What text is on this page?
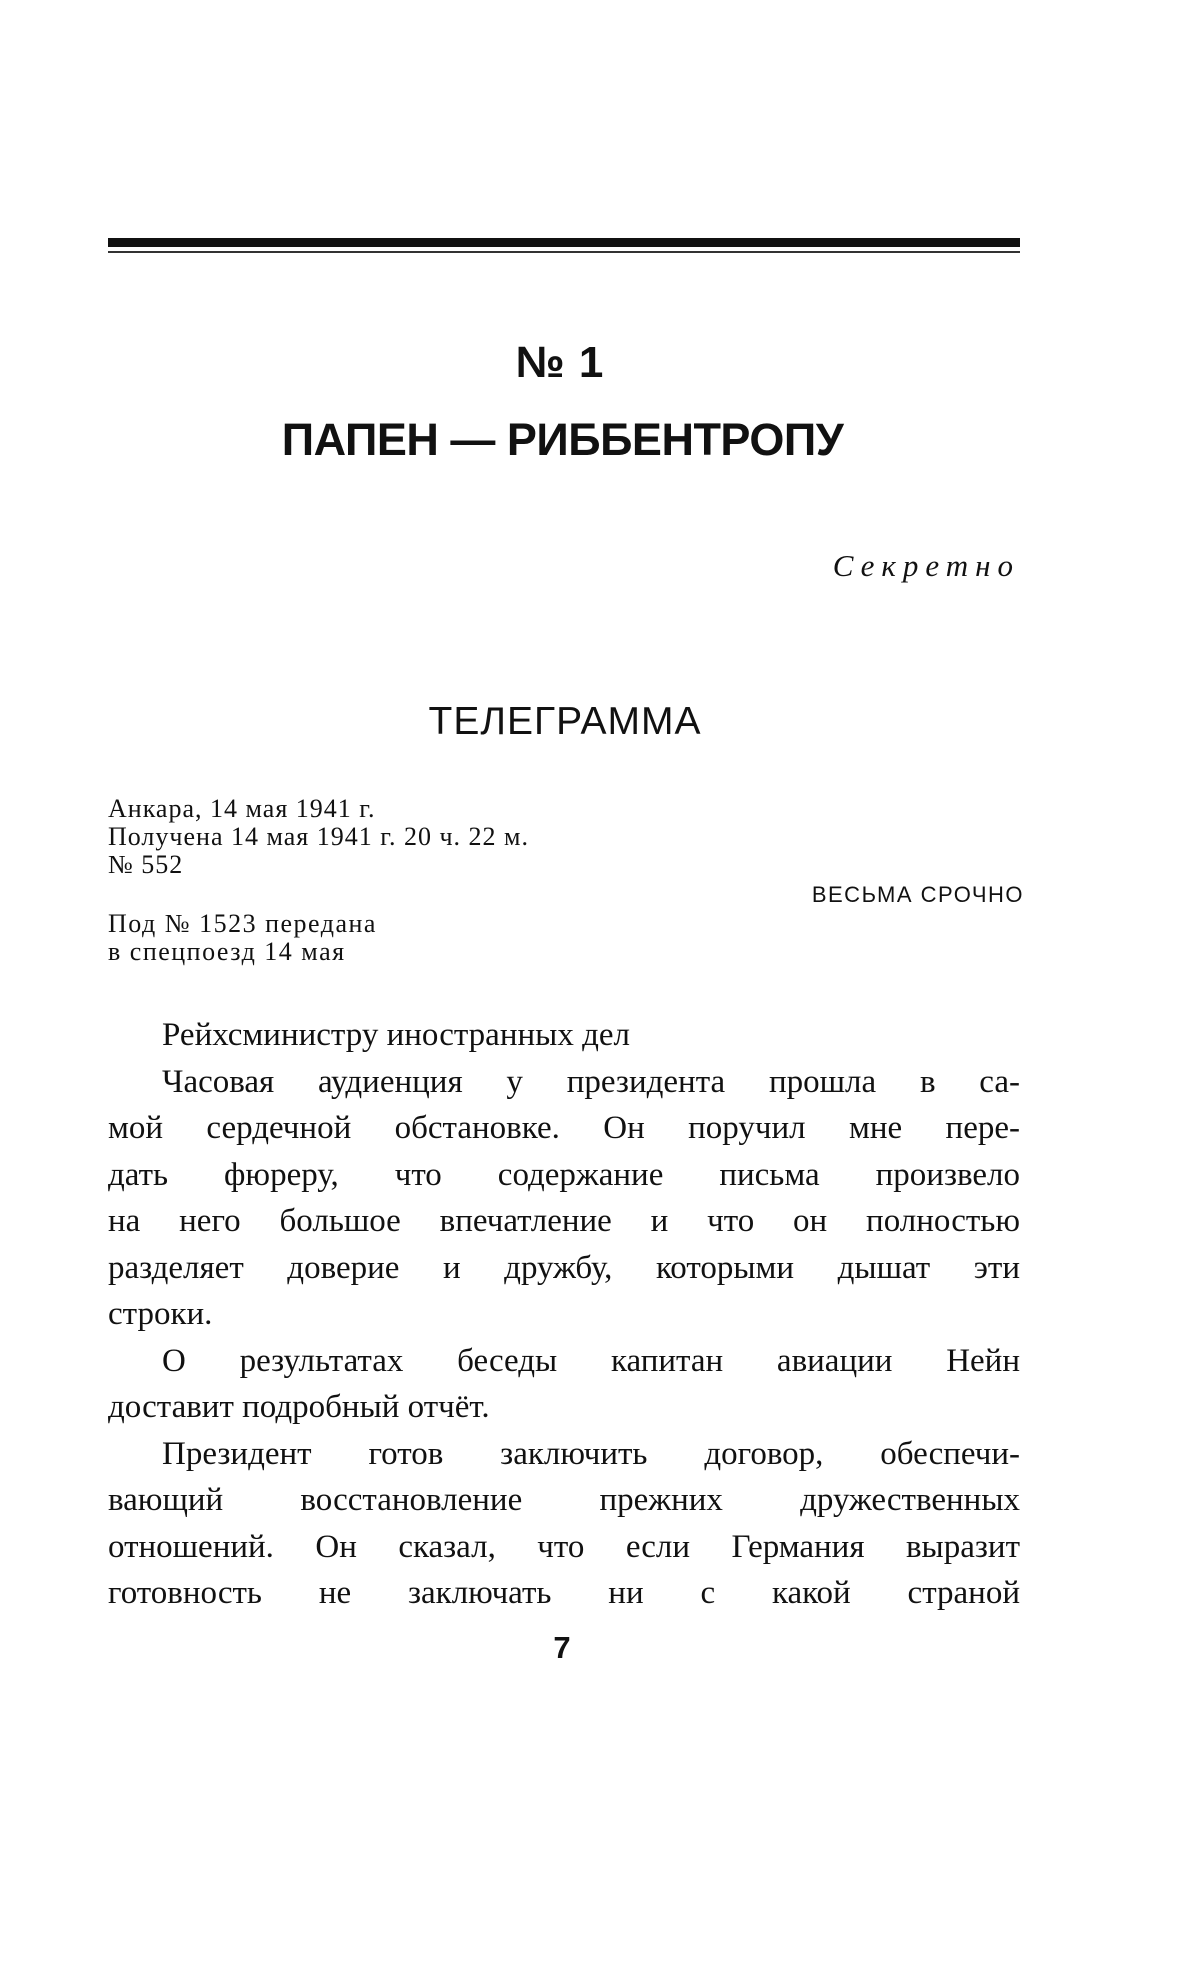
№ 1
ПАПЕН — РИББЕНТРОПУ
Секретно
ТЕЛЕГРАММА
Анкара, 14 мая 1941 г.
Получена 14 мая 1941 г. 20 ч. 22 м.
№ 552
ВЕСЬМА СРОЧНО
Под № 1523 передана
в спецпоезд 14 мая
Рейхсминистру иностранных дел
Часовая аудиенция у президента прошла в са-
мой сердечной обстановке. Он поручил мне пере-
дать фюреру, что содержание письма произвело
на него большое впечатление и что он полностью
разделяет доверие и дружбу, которыми дышат эти
строки.
О результатах беседы капитан авиации Нейн
доставит подробный отчёт.
Президент готов заключить договор, обеспечи-
вающий восстановление прежних дружественных
отношений. Он сказал, что если Германия выразит
готовность не заключать ни с какой страной
7
